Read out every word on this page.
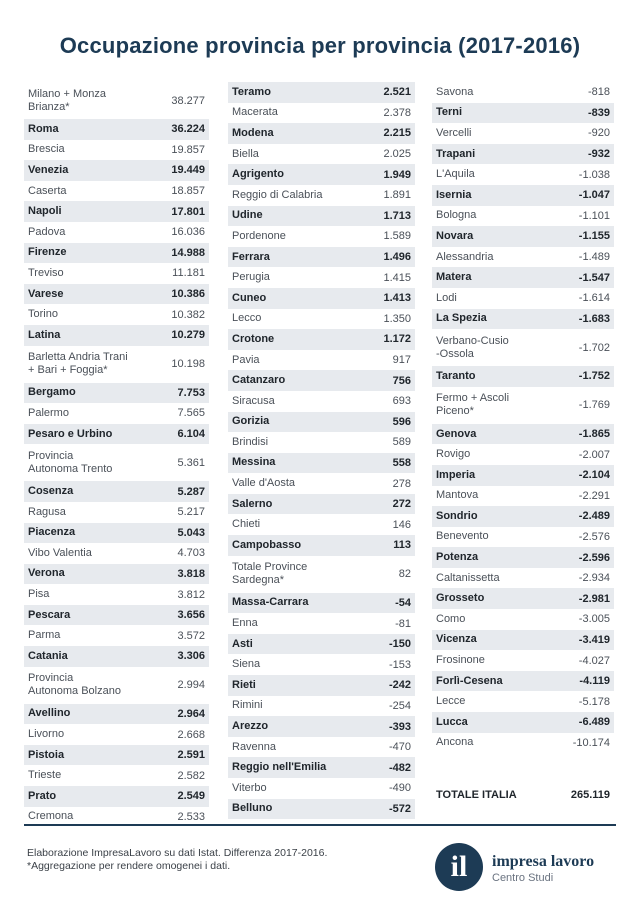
Occupazione provincia per provincia (2017-2016)
Milano + Monza
Brianza*	38.277
Roma	36.224
Brescia	19.857
Venezia	19.449
Caserta	18.857
Napoli	17.801
Padova	16.036
Firenze	14.988
Treviso	11.181
Varese	10.386
Torino	10.382
Latina	10.279
Barletta Andria Trani
+ Bari + Foggia*	10.198
Bergamo	7.753
Palermo	7.565
Pesaro e Urbino	6.104
Provincia
Autonoma Trento	5.361
Cosenza	5.287
Ragusa	5.217
Piacenza	5.043
Vibo Valentia	4.703
Verona	3.818
Pisa	3.812
Pescara	3.656
Parma	3.572
Catania	3.306
Provincia
Autonoma Bolzano	2.994
Avellino	2.964
Livorno	2.668
Pistoia	2.591
Trieste	2.582
Prato	2.549
Cremona	2.533
Teramo	2.521
Macerata	2.378
Modena	2.215
Biella	2.025
Agrigento	1.949
Reggio di Calabria	1.891
Udine	1.713
Pordenone	1.589
Ferrara	1.496
Perugia	1.415
Cuneo	1.413
Lecco	1.350
Crotone	1.172
Pavia	917
Catanzaro	756
Siracusa	693
Gorizia	596
Brindisi	589
Messina	558
Valle d'Aosta	278
Salerno	272
Chieti	146
Campobasso	113
Totale Province
Sardegna*	82
Massa-Carrara	-54
Enna	-81
Asti	-150
Siena	-153
Rieti	-242
Rimini	-254
Arezzo	-393
Ravenna	-470
Reggio nell'Emilia	-482
Viterbo	-490
Belluno	-572
Savona	-818
Terni	-839
Vercelli	-920
Trapani	-932
L'Aquila	-1.038
Isernia	-1.047
Bologna	-1.101
Novara	-1.155
Alessandria	-1.489
Matera	-1.547
Lodi	-1.614
La Spezia	-1.683
Verbano-Cusio
-Ossola	-1.702
Taranto	-1.752
Fermo + Ascoli
Piceno*	-1.769
Genova	-1.865
Rovigo	-2.007
Imperia	-2.104
Mantova	-2.291
Sondrio	-2.489
Benevento	-2.576
Potenza	-2.596
Caltanissetta	-2.934
Grosseto	-2.981
Como	-3.005
Vicenza	-3.419
Frosinone	-4.027
Forlì-Cesena	-4.119
Lecce	-5.178
Lucca	-6.489
Ancona	-10.174
TOTALE ITALIA	265.119
Elaborazione ImpresaLavoro su dati Istat. Differenza 2017-2016.
*Aggregazione per rendere omogenei i dati.	il	impresa lavoro
Centro Studi
